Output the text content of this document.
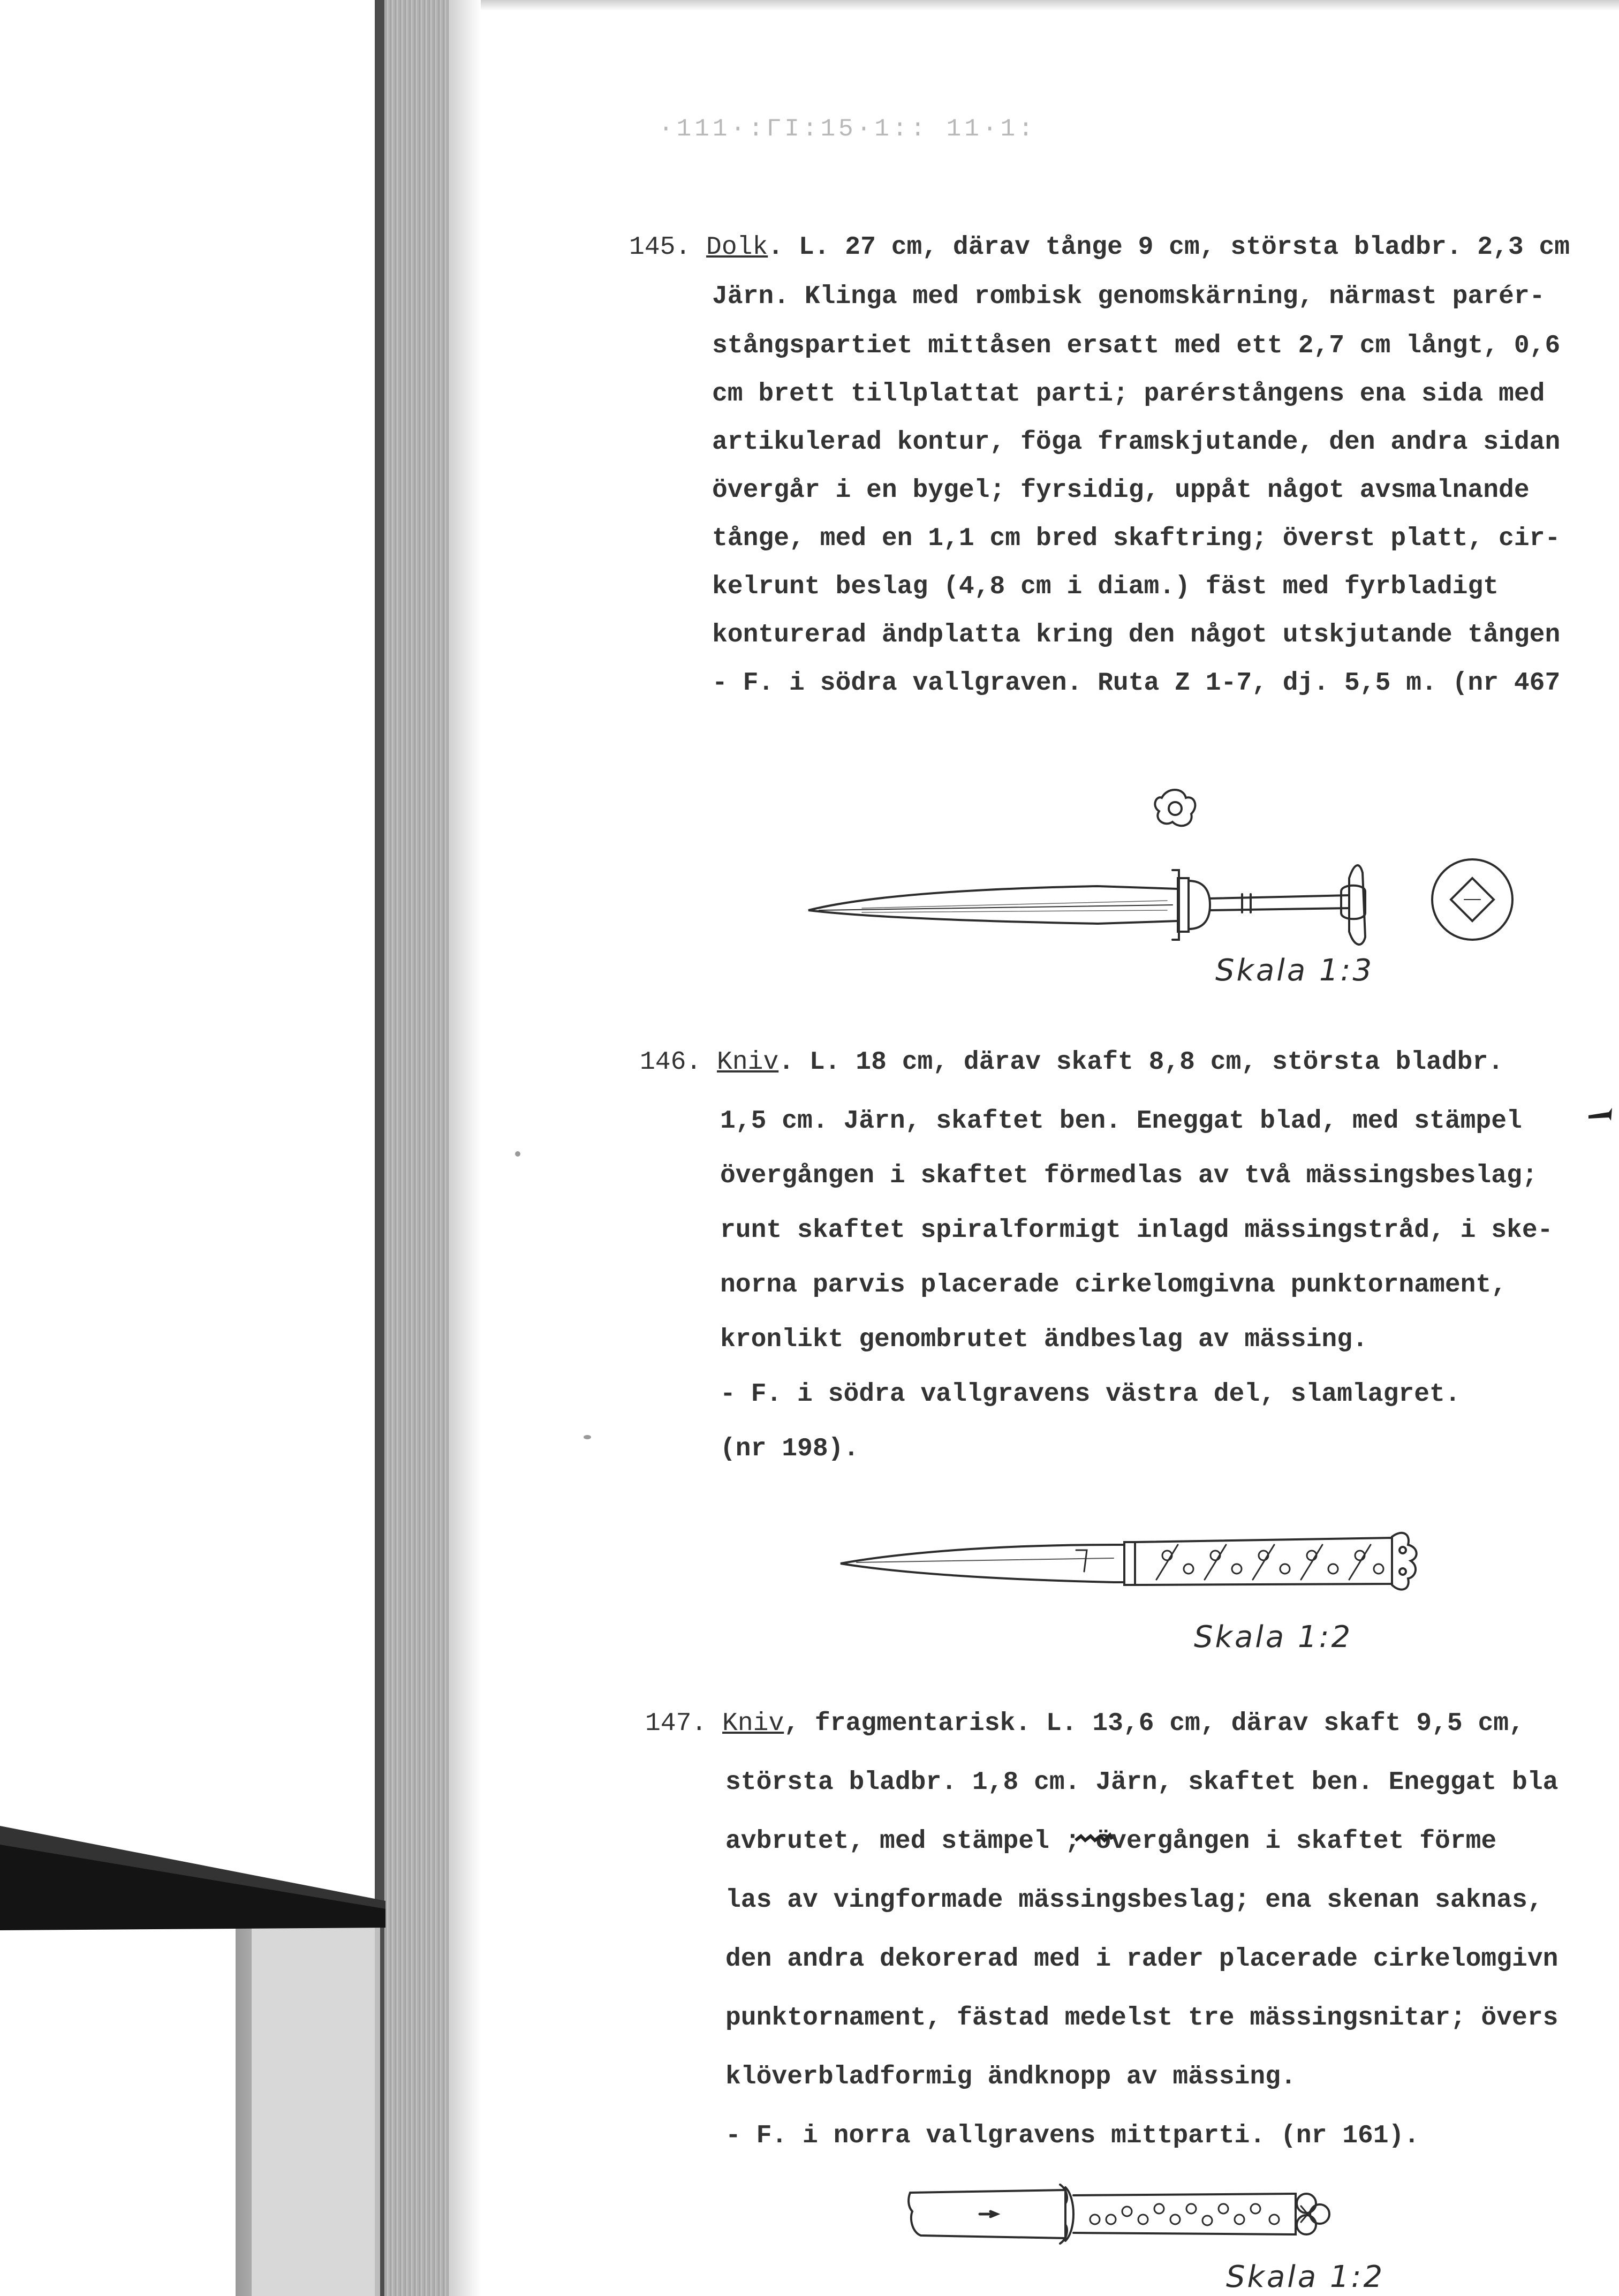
·111·:ΓΙ:15·1:: 11·1:
145. Dolk. L. 27 cm, därav tånge 9 cm, största bladbr. 2,3 cm
Järn. Klinga med rombisk genomskärning, närmast parér-
stångspartiet mittåsen ersatt med ett 2,7 cm långt, 0,6
cm brett tillplattat parti; parérstångens ena sida med
artikulerad kontur, föga framskjutande, den andra sidan
övergår i en bygel; fyrsidig, uppåt något avsmalnande
tånge, med en 1,1 cm bred skaftring; överst platt, cir-
kelrunt beslag (4,8 cm i diam.) fäst med fyrbladigt
konturerad ändplatta kring den något utskjutande tången
- F. i södra vallgraven. Ruta Z 1-7, dj. 5,5 m. (nr 467
Skala 1:3
146. Kniv. L. 18 cm, därav skaft 8,8 cm, största bladbr.
1,5 cm. Järn, skaftet ben. Eneggat blad, med stämpel
övergången i skaftet förmedlas av två mässingsbeslag;
runt skaftet spiralformigt inlagd mässingstråd, i ske-
norna parvis placerade cirkelomgivna punktornament,
kronlikt genombrutet ändbeslag av mässing.
- F. i södra vallgravens västra del, slamlagret.
(nr 198).
Skala 1:2
147. Kniv, fragmentarisk. L. 13,6 cm, därav skaft 9,5 cm,
största bladbr. 1,8 cm. Järn, skaftet ben. Eneggat bla
avbrutet, med stämpel ; övergången i skaftet förme
las av vingformade mässingsbeslag; ena skenan saknas,
den andra dekorerad med i rader placerade cirkelomgivn
punktornament, fästad medelst tre mässingsnitar; övers
klöverbladformig ändknopp av mässing.
- F. i norra vallgravens mittparti. (nr 161).
Skala 1:2
